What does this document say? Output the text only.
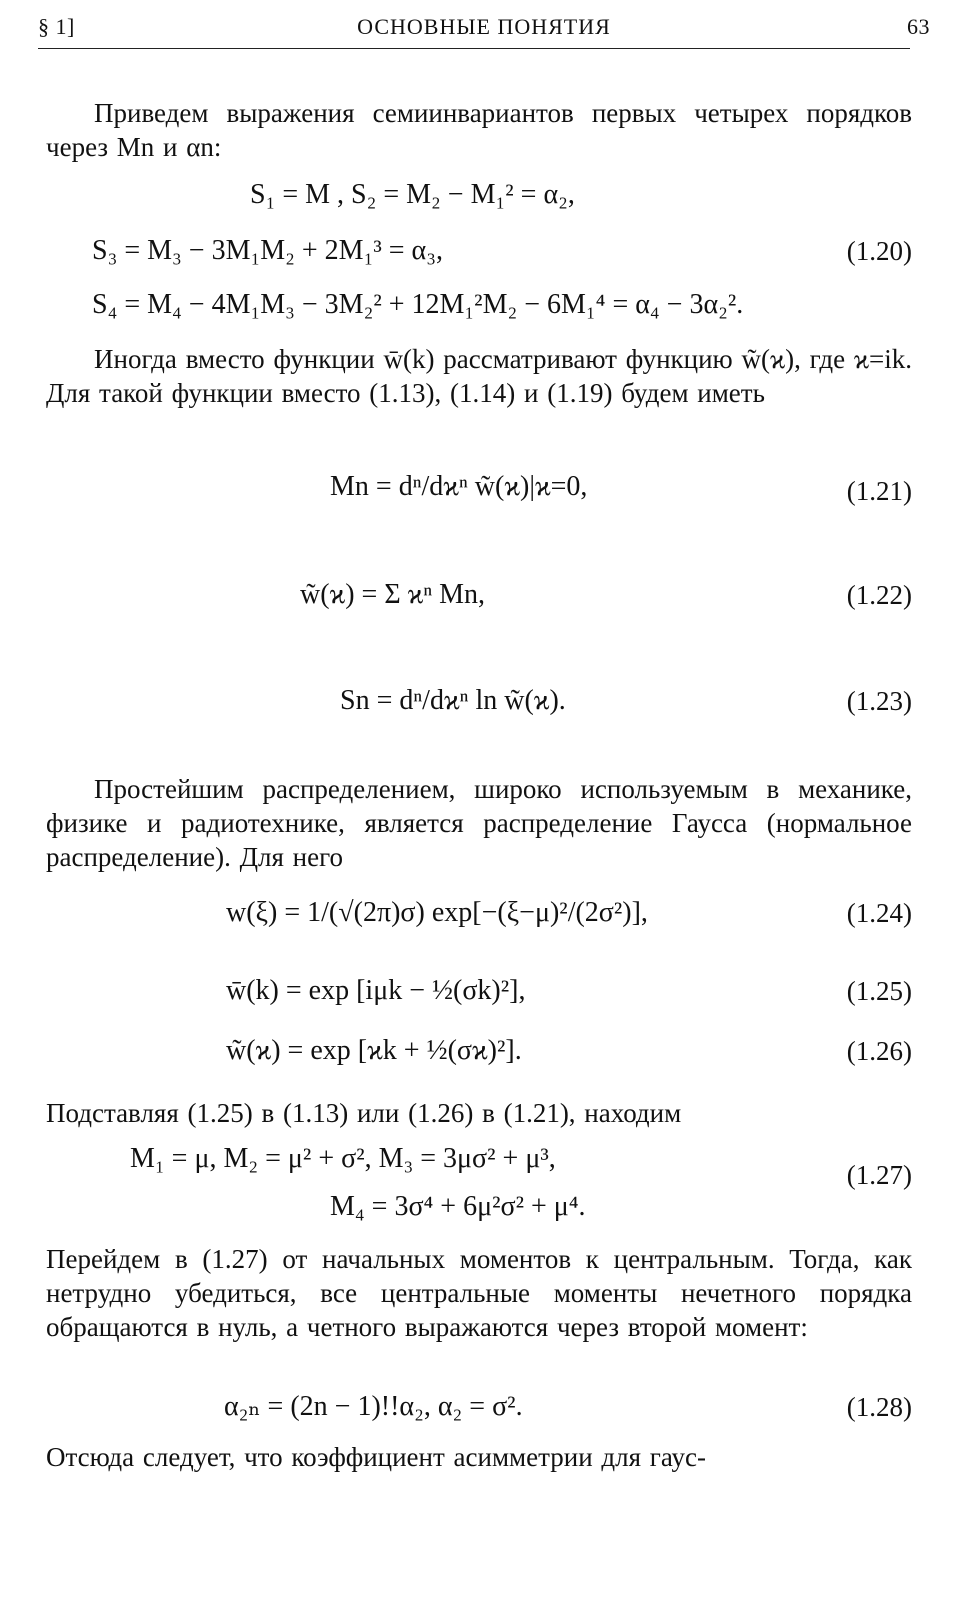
§ 1]	ОСНОВНЫЕ ПОНЯТИЯ	63
Приведем выражения семиинвариантов первых четырех порядков через Mn и αn:
S₁ = M , S₂ = M₂ − M₁² = α₂,
S₃ = M₃ − 3M₁M₂ + 2M₁³ = α₃,	(1.20)
S₄ = M₄ − 4M₁M₃ − 3M₂² + 12M₁²M₂ − 6M₁⁴ = α₄ − 3α₂².
Иногда вместо функции w̄(k) рассматривают функцию w̃(ϰ), где ϰ=ik. Для такой функции вместо (1.13), (1.14) и (1.19) будем иметь
Mn = dⁿ/dϰⁿ w̃(ϰ)|ϰ=0,	(1.21)
w̃(ϰ) = Σ ϰⁿ Mn,	(1.22)
Sn = dⁿ/dϰⁿ ln w̃(ϰ).	(1.23)
Простейшим распределением, широко используемым в механике, физике и радиотехнике, является распределение Гаусса (нормальное распределение). Для него
w(ξ) = 1/(√(2π)σ) exp[−(ξ−μ)²/(2σ²)],	(1.24)
w̄(k) = exp [iμk − ½(σk)²],	(1.25)
w̃(ϰ) = exp [ϰk + ½(σϰ)²].	(1.26)
Подставляя (1.25) в (1.13) или (1.26) в (1.21), находим
M₁ = μ, M₂ = μ² + σ², M₃ = 3μσ² + μ³,
(1.27)
M₄ = 3σ⁴ + 6μ²σ² + μ⁴.
Перейдем в (1.27) от начальных моментов к центральным. Тогда, как нетрудно убедиться, все центральные моменты нечетного порядка обращаются в нуль, а четного выражаются через второй момент:
α₂ₙ = (2n − 1)!!α₂, α₂ = σ².	(1.28)
Отсюда следует, что коэффициент асимметрии для гаус-
